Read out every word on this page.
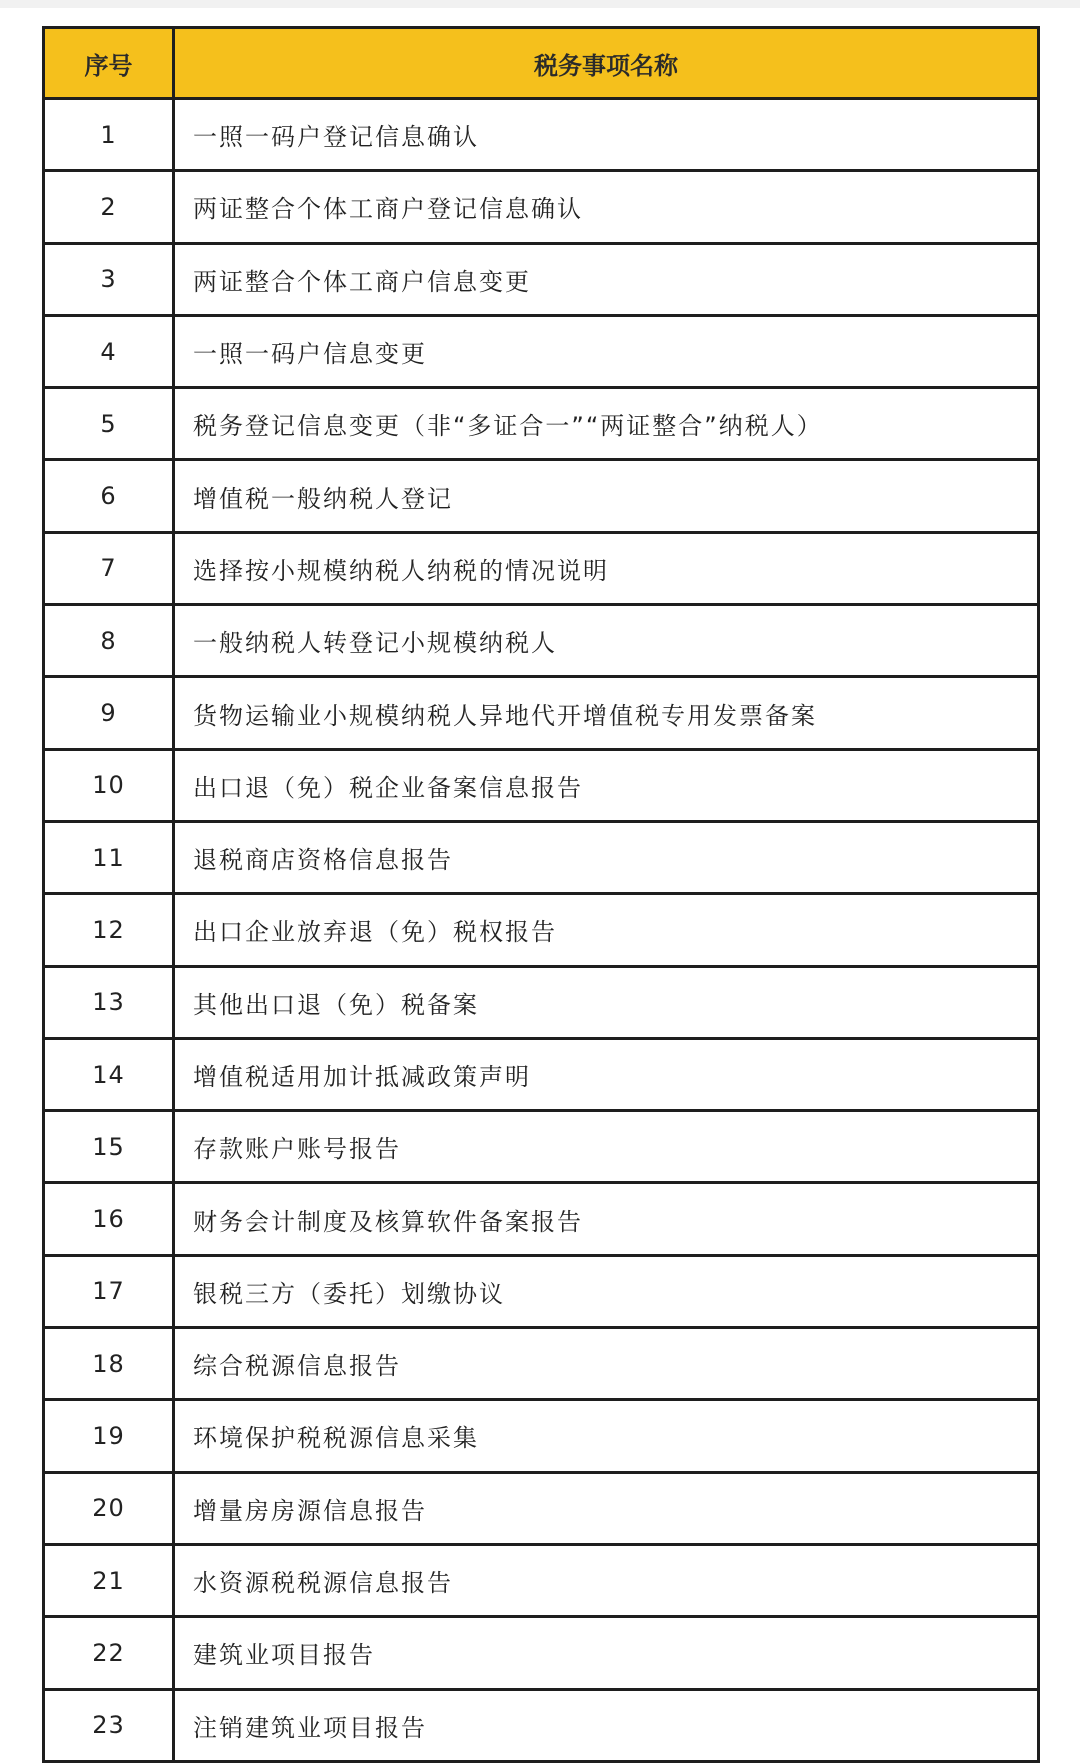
序号	税务事项名称
1	一照一码户登记信息确认
2	两证整合个体工商户登记信息确认
3	两证整合个体工商户信息变更
4	一照一码户信息变更
5	税务登记信息变更（非“多证合一”“两证整合”纳税人）
6	增值税一般纳税人登记
7	选择按小规模纳税人纳税的情况说明
8	一般纳税人转登记小规模纳税人
9	货物运输业小规模纳税人异地代开增值税专用发票备案
10	出口退（免）税企业备案信息报告
11	退税商店资格信息报告
12	出口企业放弃退（免）税权报告
13	其他出口退（免）税备案
14	增值税适用加计抵减政策声明
15	存款账户账号报告
16	财务会计制度及核算软件备案报告
17	银税三方（委托）划缴协议
18	综合税源信息报告
19	环境保护税税源信息采集
20	增量房房源信息报告
21	水资源税税源信息报告
22	建筑业项目报告
23	注销建筑业项目报告
